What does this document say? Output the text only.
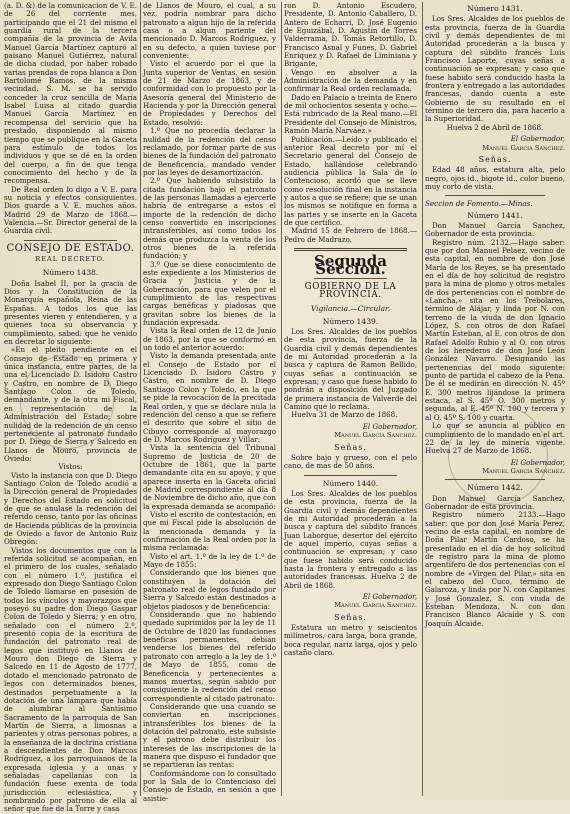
(a. D. &) de la comunicacion de V. E. de 26 del corriente mes, participando que el 21 del mismo el guardia rural de la tercera compañía de la provincia de Avila Manuel García Martínez capturó al paisano Manuel Gutiérrez, natural de dicha ciudad, por haber robado varias prendas de ropa blanca a Don Bartolomé Ramos, de la misma vecindad, S. M. se ha servido conceder la cruz sencilla de María Isabel Luisa al citado guardia Manuel García Martínez en recompensa del servicio que ha prestado, disponiendo al mismo tiempo que se publique en la Gaceta para estímulo de todos los individuos y que se dé en la orden del cuerpo, a fin de que tenga conocimiento del hecho y de la recompensa.

De Real orden lo digo a V. E. para su noticia y efectos consiguientes. Dios guarde a V. E. muchos años. Madrid 29 de Marzo de 1868.—Valencia.—Sr. Director general de la Guardia civil.

CONSEJO DE ESTADO.
REAL DECRETO.
Número 1438.

Doña Isabel II, por la gracia de Dios y la Constitución de la Monarquía española, Reina de las Españas. A todos los que las presentes vieren y entendieren, y a quienes toca su observancia y cumplimiento, sabed: que he venido en decretar lo siguiente:

«En el pleito pendiente en el Consejo de Estado en primera y única instancia, entre partes, de la una el Licenciado D. Isidoro Castro y Castro, en nombre de D. Diego Santiago Colon de Toledo, demandante, y de la otra mi Fiscal, en representación de la Administración del Estado; sobre nulidad de la redención de un censo perteneciente al patronato fundado por D. Diego de Sierra y Salcedo en Llanos de Mouro, provincia de Oviedo:

Vistos:

Visto la instancia con que D. Diego Santiago Colon de Toledo acudió a la Dirección general de Propiedades y Derechos del Estado en solicitud de que se anulase la redención del referido censo, tanto por las oficinas de Hacienda públicas de la provincia de Oviedo a favor de Antonio Ruiz Obregón:

Vistos los documentos que con la referida solicitud se acompañan, en el primero de los cuales, señalado con el número 1.º, justifica el expresado don Diego Santiago Colon de Toledo llamarse en posesión de todos los vínculos y mayorazgos que poseyó su padre don Diego Gaspar Colon de Toledo y Sierra; y en otro, señalado con el número 2.º, presentó copia de la escritura de fundación del patronato real de legos que instituyó en Llanos de Mouro don Diego de Sierra y Salcedo en 11 de Agosto de 1777, dotado el mencionado patronato de legos con determinados bienes, destinados perpetuamente a la dotación de una lámpara que había de alumbrar al Santísimo Sacramento de la parroquia de San Martín de Sierra, a limosnas a parientes y otras personas pobres, a la enseñanza de la doctrina cristiana a descendientes de Don Marcos Rodríguez, a los parroquianos de la expresada iglesia y a unas y señaladas capellanías con la fundación fuese exenta de toda jurisdicción eclesiástica, y nombrando por patrono de ella al señor que fue de la Torre y casa

de Llanos de Mouro, el cual, a su vez, podría nombrar para dicho patronato a algun hijo de la referida casa o a algun pariente del mencionado D. Marcos Rodríguez, y en su defecto, a quien tuviese por conveniente:

Visto el acuerdo por el que la Junta superior de Ventas, en sesión de 21 de Marzo de 1863, y de conformidad con lo propuesto por la Asesoría general del Ministerio de Hacienda y por la Dirección general de Propiedades y Derechos del Estado, resolvió:

1.º Que no procedía declarar la nulidad de la redención del censo reclamado, por formar parte de sus bienes de la fundación del patronato de Beneficencia, mandado vender por las leyes de desamortización.

2.º Que habiendo subsistido la citada fundación bajo el patronato de las personas llamadas a ejercerle habría de entregarse a estos el importe de la redención de dicho censo convertido en inscripciones intransferibles, así como todos los demás que produzca la venta de los otros bienes de la referida fundación; y

3.º Que se diese conocimiento de este expediente a los Ministerios de Gracia y Justicia y de la Gobernación, para que velen por el cumplimiento de las respectivas cargas benéficas y piadosas que gravitan sobre los bienes de la fundación expresada.

Vista la Real orden de 12 de Junio de 1863, por la que se conformó en un todo el anterior acuerdo:

Visto la demanda presentada ante el Consejo de Estado por el Licenciado D. Isidoro Castro y Castro, en nombre de D. Diego Santiago Colon y Toledo, en la que se pide la revocación de la precitada Real orden, y que se declare nula la redención del censo a que se refiere el descrito que sobre el sitio de Cibuyo corresponde al mayorazgo de D. Marcos Rodríguez y Villar:

Vista la sentencia del Tribunal Supremo de Justicia de 20 de Octubre de 1861, que la parte demandante cita en su apoyo, y que aparece inserta en la Gaceta oficial de Madrid correspondiente al día 8 de Noviembre de dicho año, que con la expresada demanda se acompañó:

Visto el escrito de contestación, en que mi Fiscal pide la absolución de la mencionada demanda y la confirmación de la Real orden por la misma reclamada:

Visto el art. 1.º de la ley de 1.º de Mayo de 1855:

Considerando que los bienes que constituyen la dotación del patronato real de legos fundado por Sierra y Salcedo están destinados a objetos piadosos y de beneficencia:

Considerando que no habiendo quedado suprimidos por la ley de 11 de Octubre de 1820 las fundaciones benéficas permanentes, debían venderse los bienes del referido patronato con arreglo a la ley de 1.º de Mayo de 1855, como de Beneficencia y pertenecientes a manos muertas, según sabido por consiguiente la redención del censo correspondiente al citado patronato:

Considerando que una cuando se conviertan en inscripciones intransferibles los bienes de la dotación del patronato, este subsiste y el patrono debe distribuir los intereses de las inscripciones de la manera que dispuso el fundador que se repartieran las rentas:

Conformándome con lo consultado por la Sala de lo Contencioso del Consejo de Estado, en sesión a que asistie-

ron D. Antonio Escudero, Presidente, D. Antonio Caballero, D. Antero de Echarri, D. José Eugenio de Eguizábal, D. Agustín de Torres Valderrama, D. Tomás Retortillo, D. Francisco Asnal y Funes, D. Gabriel Enríquez y D. Rafael de Liminiana y Brigante,

Vengo en absolver a la Administración de la demanda y en confirmar la Real orden reclamada.

Dado en Palacio a treinta de Enero de mil ochocientos sesenta y ocho.—Está rubricado de la Real mano.—El Presidente del Consejo de Ministros, Ramón María Narváez.»

Publicación.—Leído y publicado el anterior Real decreto por mí el Secretario general del Consejo de Estado, hallándose celebrando audiencia pública la Sala de lo Contencioso, acordó que se lleve como resolución final en la instancia y autos a que se refiere; que se unan los mismos se notifique en forma a las partes y se inserte en la Gaceta de que certifico.

Madrid 15 de Febrero de 1868.—Pedro de Madrazo.

Segunda Seccion.
GOBIERNO DE LA PROVINCIA.
Vigilancia.—Circular.
Número 1439.

Los Sres. Alcaldes de los pueblos de esta provincia, fuerza de la Guardia civil y demás dependientes de mi Autoridad procederán a la busca y captura de Ramon Bellido, cuyas señas a continuación se expresan; y caso que fuese habido lo pondrán a disposición del Juzgado de primera instancia de Valverde del Camino que lo reclama.

Huelva 31 de Marzo de 1868.

El Gobernador,
Manuel García Sanchez.
Señas.

Sobre bajo y grueso, con el pelo cano, de mas de 50 años.

Número 1440.

Los Sres. Alcaldes de los pueblos de esta provincia, fuerza de la Guardia civil y demás dependientes de mi Autoridad procederán a la busca y captura del súbdito francés Juan Laborgue, desertor del ejército de aquel imperio, cuyas señas a continuación se expresan; y caso que fuese habido será conducido hasta la frontera y entregado a las autoridades francesas. Huelva 2 de Abril de 1868.

El Gobernador,
Manuel García Sanchez.
Señas.

Estatura un metro y seiscientos milímetros, cara larga, boca grande, boca regular, nariz larga, ojos y pelo castaño claro.

Número 1431.

Los Sres. Alcaldes de los pueblos de esta provincia, fuerza de la Guardia civil y demás dependientes de mi Autoridad procederán a la busca y captura del súbdito francés Luis Francisco Laporte, cuyas señas a continuación se expresan; y caso que fuese habido será conducido hasta la frontera y entregado a las autoridades francesas, dando cuenta a este Gobierno de su resultado en el término de tercero día, para hacerlo a la Superioridad.

Huelva 2 de Abril de 1868.

El Gobernador,
Manuel García Sanchez.
Señas.

Edad 48 años, estatura alta, pelo negro, ojos id., bigote id., color bueno, muy corto de vista.

Seccion de Fomento.—Minas.

Número 1441.

Don Manuel García Sanchez, Gobernador de esta provincia.

Registro núm. 2132.—Hago saber: que por don Manuel Pelaez, vecino de esta capital, en nombre de don José María de los Reyes, se ha presentado en el día de hoy solicitud de registro para la mina de plomo y otros metales de dos pertenencias con el nombre de «Lancha,» sita en los Trebolares, término de Alájar, y linda por N. con terreno de la viuda de don Ignacio López, S. con otros de don Rafael Martín Esteban, al E. con otros de don Rafael Adolfo Rubio y al O. con otros de los herederos de don José León González Navarro. Designando las pertenencias del modo siguiente: punto de partida el cabezo de la Pena. De él se medirán en dirección N. 45º E. 300 metros lijándose la primera estaca, al S. 45º O. 300 metros y segunda, al E. 45º N. 100 y tercera y al O. 45º S. 100 y cuarta.

Lo que se anuncia al público en cumplimiento de lo mandado en el art. 22 de la ley de minería vigente. Huelva 27 de Marzo de 1868.

El Gobernador,
Manuel García Sanchez.
Número 1442.

Don Manuel García Sanchez, Gobernador de esta provincia.

Registro número 2133.—Hago saber: que por don José María Perez, vecino de esta capital, en nombre de Doña Pilar Martín Cardoso, se ha presentado en el día de hoy solicitud de registro para la mina de plomo argentífero de dos pertenencias con el nombre de «Virgen del Pilar,» sita en el cabezo del Cuco, término de Galaroza, y linda por N. con Capitanes y José Gonzalez, S. con viuda de Esteban Mendoza, N. con don Francisco Blanco Alcaide y S. con Joaquín Alcaide.
